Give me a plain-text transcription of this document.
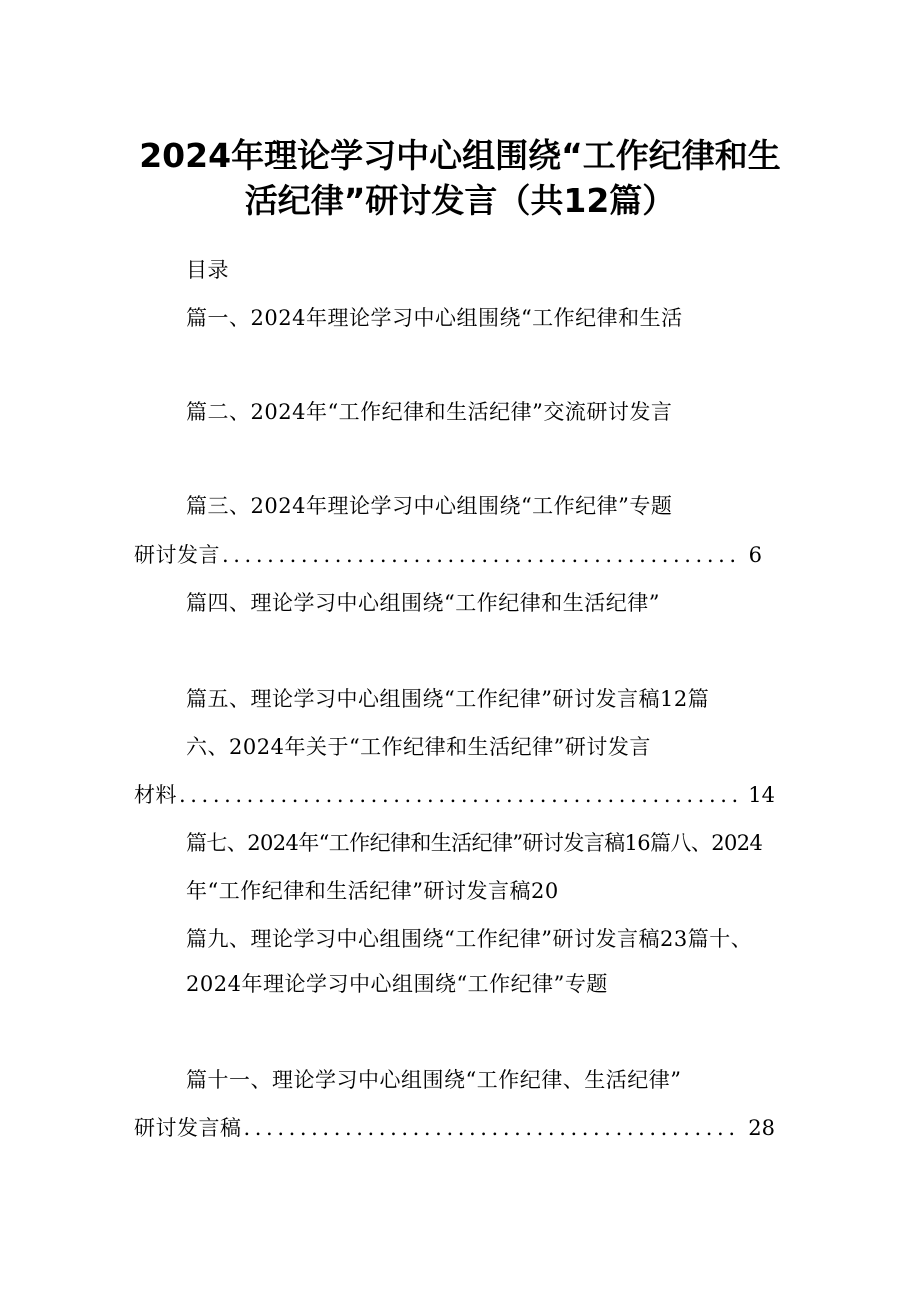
2024年理论学习中心组围绕“工作纪律和生
活纪律”研讨发言（共12篇）
目录
篇一、2024年理论学习中心组围绕“工作纪律和生活
篇二、2024年“工作纪律和生活纪律”交流研讨发言
篇三、2024年理论学习中心组围绕“工作纪律”专题
研讨发言 .............................................. 6
篇四、理论学习中心组围绕“工作纪律和生活纪律”
篇五、理论学习中心组围绕“工作纪律”研讨发言稿12篇
六、2024年关于“工作纪律和生活纪律”研讨发言
材料 .................................................. 14
篇七、2024年“工作纪律和生活纪律”研讨发言稿16篇八、2024
年“工作纪律和生活纪律”研讨发言稿20
篇九、理论学习中心组围绕“工作纪律”研讨发言稿23篇十、
2024年理论学习中心组围绕“工作纪律”专题
篇十一、理论学习中心组围绕“工作纪律、生活纪律”
研讨发言稿 ............................................ 28
